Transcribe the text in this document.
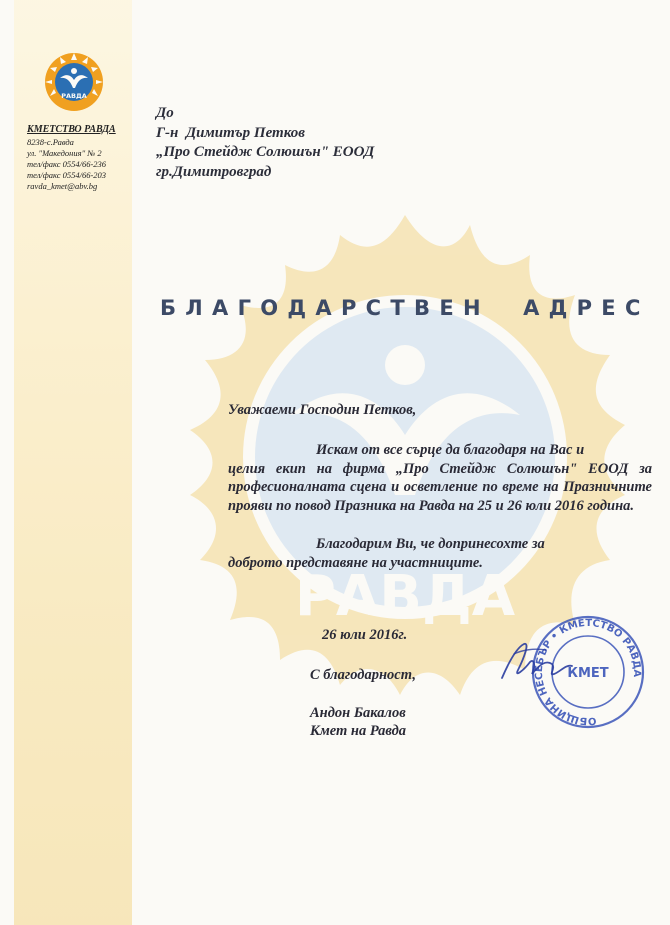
РАВДА
РАВДА
КМЕТСТВО РАВДА
8238-с.Равда
ул. "Македония" № 2
тел/факс 0554/66-236
тел/факс 0554/66-203
ravda_kmet@abv.bg
До
Г-н  Димитър Петков
„Про Стейдж Солюшън" ЕООД
гр.Димитровград
БЛАГОДАРСТВЕН  АДРЕС
Уважаеми Господин Петков,
Искам от все сърце да благодаря на Вас и
целия екип на фирма „Про Стейдж Солюшън" ЕООД за професионалната сцена и осветление по време на Празничните прояви по повод Празника на Равда на 25 и 26 юли 2016 година.
Благодарим Ви, че допринесохте за
доброто представяне на участниците.
26 юли 2016г.
С благодарност,
Андон Бакалов
Кмет на Равда
ОБЩИНА НЕСЕБЪР • КМЕТСТВО РАВДА
КМЕТ
